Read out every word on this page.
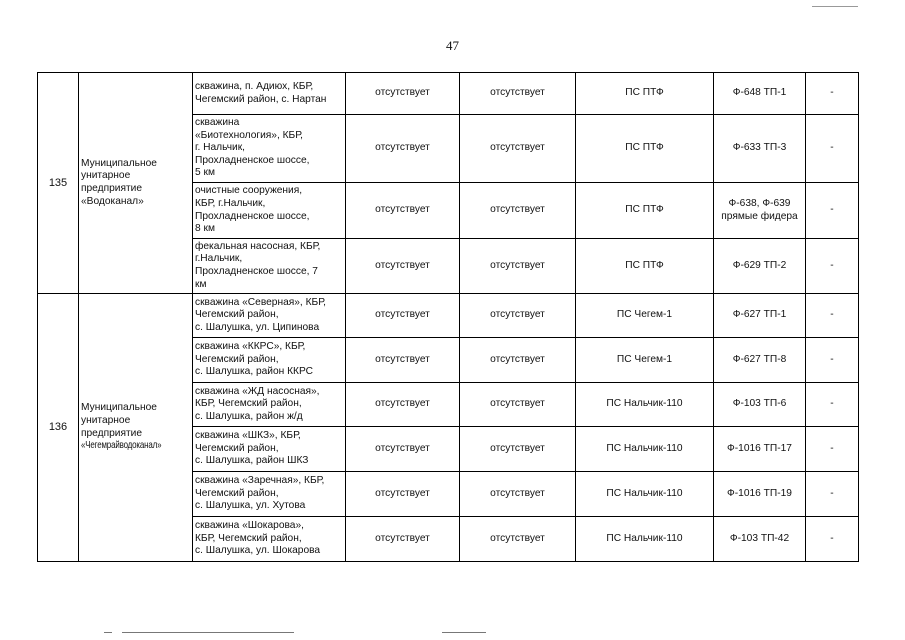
47
135	Муниципальное
унитарное
предприятие
«Водоканал»	скважина, п. Адиюх, КБР,
Чегемский район, с. Нартан	отсутствует	отсутствует	ПС ПТФ	Ф-648 ТП-1	-

		скважина
«Биотехнология», КБР,
г. Нальчик,
Прохладненское шоссе,
5 км	отсутствует	отсутствует	ПС ПТФ	Ф-633 ТП-3	-

		очистные сооружения,
КБР, г.Нальчик,
Прохладненское шоссе,
8 км	отсутствует	отсутствует	ПС ПТФ	Ф-638, Ф-639
прямые фидера	-

		фекальная насосная, КБР,
г.Нальчик,
Прохладненское шоссе, 7
км	отсутствует	отсутствует	ПС ПТФ	Ф-629 ТП-2	-
136	Муниципальное
унитарное
предприятие
«Чегемрайводоканал»	скважина «Северная», КБР,
Чегемский район,
с. Шалушка, ул. Ципинова	отсутствует	отсутствует	ПС Чегем-1	Ф-627 ТП-1	-

		скважина «ККРС», КБР,
Чегемский район,
с. Шалушка, район ККРС	отсутствует	отсутствует	ПС Чегем-1	Ф-627 ТП-8	-

		скважина «ЖД насосная»,
КБР, Чегемский район,
с. Шалушка, район ж/д	отсутствует	отсутствует	ПС Нальчик-110	Ф-103 ТП-6	-

		скважина «ШКЗ», КБР,
Чегемский район,
с. Шалушка, район ШКЗ	отсутствует	отсутствует	ПС Нальчик-110	Ф-1016 ТП-17	-

		скважина «Заречная», КБР,
Чегемский район,
с. Шалушка, ул. Хутова	отсутствует	отсутствует	ПС Нальчик-110	Ф-1016 ТП-19	-

		скважина «Шокарова»,
КБР, Чегемский район,
с. Шалушка, ул. Шокарова	отсутствует	отсутствует	ПС Нальчик-110	Ф-103 ТП-42	-
